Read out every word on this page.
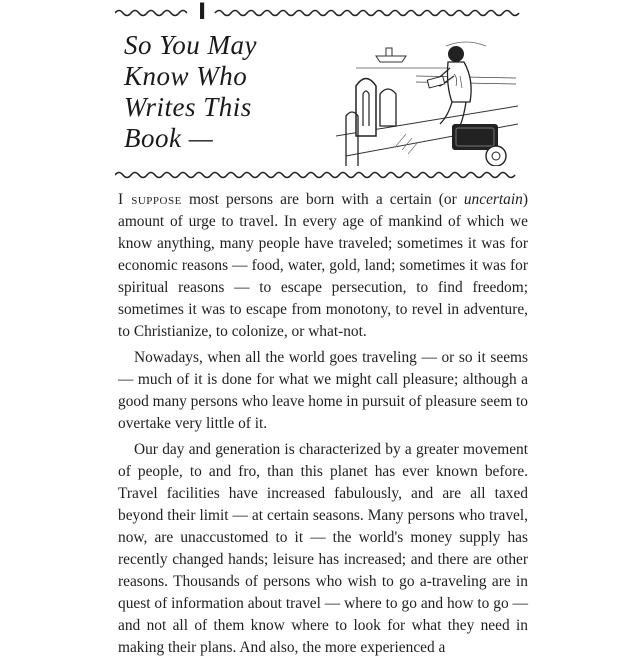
I
So You May
Know Who
Writes This
Book —

I suppose most persons are born with a certain (or uncertain) amount of urge to travel. In every age of mankind of which we know anything, many people have traveled; sometimes it was for economic reasons — food, water, gold, land; sometimes it was for spiritual reasons — to escape persecution, to find freedom; sometimes it was to escape from monotony, to revel in adventure, to Christianize, to colonize, or what-not.

Nowadays, when all the world goes traveling — or so it seems — much of it is done for what we might call pleasure; although a good many persons who leave home in pursuit of pleasure seem to overtake very little of it.

Our day and generation is characterized by a greater movement of people, to and fro, than this planet has ever known before. Travel facilities have increased fabulously, and are all taxed beyond their limit — at certain seasons. Many persons who travel, now, are unaccustomed to it — the world's money supply has recently changed hands; leisure has increased; and there are other reasons. Thousands of persons who wish to go a-traveling are in quest of information about travel — where to go and how to go — and not all of them know where to look for what they need in making their plans. And also, the more experienced a
